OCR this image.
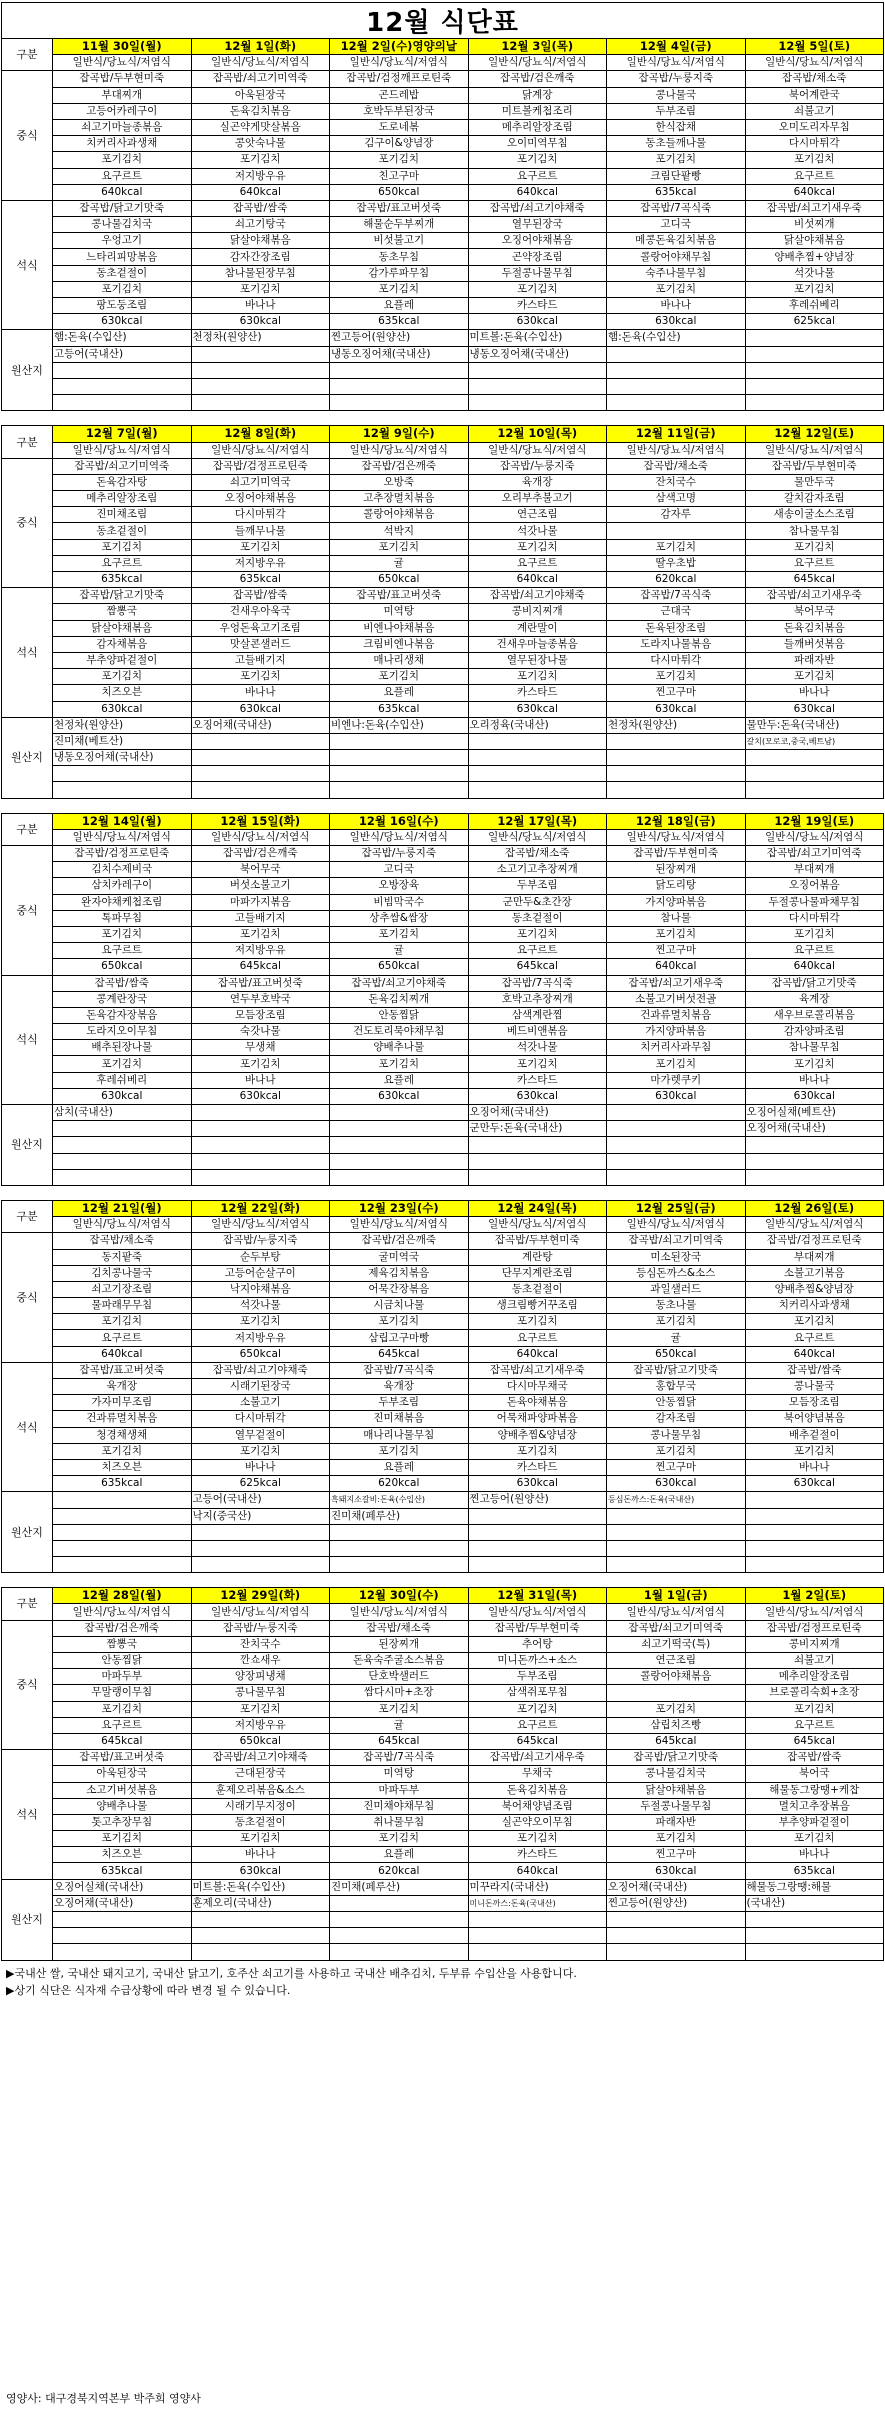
12월 식단표
구분	11월 30일(월)	12월 1일(화)	12월 2일(수)영양의날	12월 3일(목)	12월 4일(금)	12월 5일(토)
	일반식/당뇨식/저염식	일반식/당뇨식/저염식	일반식/당뇨식/저염식	일반식/당뇨식/저염식	일반식/당뇨식/저염식	일반식/당뇨식/저염식
중식	잡곡밥/두부현미죽	잡곡밥/쇠고기미역죽	잡곡밥/검정깨프로틴죽	잡곡밥/검은깨죽	잡곡밥/누룽지죽	잡곡밥/채소죽
	부대찌개	아욱된장국	곤드레밥	닭계장	콩나물국	북어계란국
	고등어카레구이	돈육김치볶음	호박두부된장국	미트볼케첩조리	두부조림	쇠불고기
	쇠고기마늘종볶음	실곤약게맛살볶음	도로네볶	메추리알장조림	한식잡채	오미도리자무침
	치커리사과생채	콩앗숙나물	김구이&양념장	오이미역무침	동초들깨나물	다시마튀각
	포기김치	포기김치	포기김치	포기김치	포기김치	포기김치
	요구르트	저지방우유	친고구마	요구르트	크림단팥빵	요구르트
	640kcal	640kcal	650kcal	640kcal	635kcal	640kcal
석식	잡곡밥/닭고기맛죽	잡곡밥/쌈죽	잡곡밥/표고버섯죽	잡곡밥/쇠고기야채죽	잡곡밥/7곡식죽	잡곡밥/쇠고기새우죽
	콩나물김치국	쇠고기탕국	해물순두부찌개	열무된장국	고디국	비섯찌개
	우엉고기	닭살야채볶음	비섯불고기	오징어야채볶음	메콩돈육김치볶음	닭살야채볶음
	느타리피망볶음	감자간장조림	동초무침	곤약장조림	콜랑어야채무침	양배추찜+양념장
	동초겉절이	참나물된장무침	감가루파무침	두절콩나물무침	숙주나물무침	석갓나물
	포기김치	포기김치	포기김치	포기김치	포기김치	포기김치
	팡도둥조림	바나나	요플레	카스타드	바나나	후레쉬베리
	630kcal	630kcal	635kcal	630kcal	630kcal	625kcal
원산지	햄:돈육(수입산)	천정차(원양산)	찐고등어(원양산)	미트볼:돈육(수입산)	햄:돈육(수입산)	
	고등어(국내산)		냉동오징어채(국내산)	냉동오징어채(국내산)		

구분	12월 7일(월)	12월 8일(화)	12월 9일(수)	12월 10일(목)	12월 11일(금)	12월 12일(토)
	일반식/당뇨식/저염식	일반식/당뇨식/저염식	일반식/당뇨식/저염식	일반식/당뇨식/저염식	일반식/당뇨식/저염식	일반식/당뇨식/저염식
중식	잡곡밥/쇠고기미역죽	잡곡밥/검정프로틴죽	잡곡밥/검은깨죽	잡곡밥/누룽지죽	잡곡밥/채소죽	잡곡밥/두부현미죽
	돈육감자탕	쇠고기미역국	오방죽	육개장	잔치국수	물만두국
	메추리알장조림	오징어야채볶음	고추장멸치볶음	오리부추불고기	삼색고명	갈치감자조림
	진미채조림	다시마튀각	콜랑어야채볶음	연근조림	감자루	새송이굴소스조림
	동초겉절이	들깨무나물	석박지	석갓나물		참나물무침
	포기김치	포기김치	포기김치	포기김치	포기김치	포기김치
	요구르트	저지방우유	귤	요구르트	딸우초밥	요구르트
	635kcal	635kcal	650kcal	640kcal	620kcal	645kcal
석식	잡곡밥/닭고기맛죽	잡곡밥/쌈죽	잡곡밥/표고버섯죽	잡곡밥/쇠고기야채죽	잡곡밥/7곡식죽	잡곡밥/쇠고기새우죽
	짬뽕국	건새우아욱국	미역탕	콩비지찌개	근대국	북어무국
	닭살야채볶음	우엉돈육고기조림	비엔나야채볶음	계란말이	돈육된장조림	돈육김치볶음
	감자채볶음	맛살콘샐러드	크림비엔나볶음	건새우마늘종볶음	도라지나물볶음	들깨버섯볶음
	부추양파겉절이	고들배기지	매나리생채	열무된장나물	다시마튀각	파래자반
	포기김치	포기김치	포기김치	포기김치	포기김치	포기김치
	치즈오븐	바나나	요플레	카스타드	찐고구마	바나나
	630kcal	630kcal	635kcal	630kcal	630kcal	630kcal
원산지	천정차(원양산)	오징어채(국내산)	비엔나:돈육(수입산)	오리정육(국내산)	천정차(원양산)	물만두:돈육(국내산)
	진미채(베트산)					갈치(모로코,중국,베트남)
	냉동오징어채(국내산)					

구분	12월 14일(월)	12월 15일(화)	12월 16일(수)	12월 17일(목)	12월 18일(금)	12월 19일(토)
	일반식/당뇨식/저염식	일반식/당뇨식/저염식	일반식/당뇨식/저염식	일반식/당뇨식/저염식	일반식/당뇨식/저염식	일반식/당뇨식/저염식
중식	잡곡밥/검정프로틴죽	잡곡밥/검은깨죽	잡곡밥/누룽지죽	잡곡밥/채소죽	잡곡밥/두부현미죽	잡곡밥/쇠고기미역죽
	김치수제비국	북어무국	고디국	소고기고추장찌개	된장찌개	부대찌개
	삼치카레구이	버섯소불고기	오방장육	두부조림	닭도리탕	오징어볶음
	완자야채케첩조림	마파가지볶음	비빔막국수	군만두&초간장	가지양파볶음	두절콩나물파채무침
	톡파무침	고들배기지	상추쌈&쌈장	동초겉절이	참나물	다시마튀각
	포기김치	포기김치	포기김치	포기김치	포기김치	포기김치
	요구르트	저지방우유	귤	요구르트	찐고구마	요구르트
	650kcal	645kcal	650kcal	645kcal	640kcal	640kcal
석식	잡곡밥/쌈죽	잡곡밥/표고버섯죽	잡곡밥/쇠고기야채죽	잡곡밥/7곡식죽	잡곡밥/쇠고기새우죽	잡곡밥/닭고기맛죽
	콩계란장국	연두부호박국	돈육김치찌개	호박고추장찌개	소불고기버섯전골	육계장
	돈육감자장볶음	모듬장조림	안동찜닭	삼색계란찜	건과류멸치볶음	새우브로콜리볶음
	도라지오이무침	숙갓나물	건도토리묵야채무침	베드비앤볶음	가지양파볶음	감자양파조림
	배추된장나물	무생채	양배추나물	석갓나물	치커리사과무침	참나물무침
	포기김치	포기김치	포기김치	포기김치	포기김치	포기김치
	후레쉬베리	바나나	요플레	카스타드	마가렛쿠키	바나나
	630kcal	630kcal	630kcal	630kcal	630kcal	630kcal
원산지	삼치(국내산)			오징어채(국내산)		오징어실채(베트산)
				군만두:돈육(국내산)		오징어채(국내산)

구분	12월 21일(월)	12월 22일(화)	12월 23일(수)	12월 24일(목)	12월 25일(금)	12월 26일(토)
	일반식/당뇨식/저염식	일반식/당뇨식/저염식	일반식/당뇨식/저염식	일반식/당뇨식/저염식	일반식/당뇨식/저염식	일반식/당뇨식/저염식
중식	잡곡밥/채소죽	잡곡밥/누룽지죽	잡곡밥/검은깨죽	잡곡밥/두부현미죽	잡곡밥/쇠고기미역죽	잡곡밥/검정프로틴죽
	동지팥죽	순두부탕	굴미역국	계란탕	미소된장국	부대찌개
	김치콩나물국	고등어순살구이	제육김치볶음	단무지계란조림	등심돈까스&소스	소불고기볶음
	쇠고기장조림	낙지야채볶음	어묵간장볶음	동초겉절이	과일샐러드	양배추찜&양념장
	물파래무무침	석갓나물	시금치나물	생크림빵거꾸조림	동초나물	치커리사과생채
	포기김치	포기김치	포기김치	포기김치	포기김치	포기김치
	요구르트	저지방우유	삼립고구마빵	요구르트	귤	요구르트
	640kcal	650kcal	645kcal	640kcal	650kcal	640kcal
석식	잡곡밥/표고버섯죽	잡곡밥/쇠고기야채죽	잡곡밥/7곡식죽	잡곡밥/쇠고기새우죽	잡곡밥/닭고기맛죽	잡곡밥/쌈죽
	육개장	시래기된장국	육개장	다시마무채국	홍합무국	콩나물국
	가자미무조림	소불고기	두부조림	돈육야채볶음	안동찜닭	모듬장조림
	건과류멸치볶음	다시마튀각	진미채볶음	어묵채파양파볶음	감자조림	북어양념볶음
	청경채생채	열무겉절이	매나리나물무침	양배추찜&양념장	콩나물무침	배추겉절이
	포기김치	포기김치	포기김치	포기김치	포기김치	포기김치
	치즈오븐	바나나	요플레	카스타드	찐고구마	바나나
	635kcal	625kcal	620kcal	630kcal	630kcal	630kcal
원산지		고등어(국내산)	흑돼지소갈비:돈육(수입산)	찐고등어(원양산)	등심돈까스:돈육(국내산)	
		낙지(중국산)	진미채(페루산)			

구분	12월 28일(월)	12월 29일(화)	12월 30일(수)	12월 31일(목)	1월 1일(금)	1월 2일(토)
	일반식/당뇨식/저염식	일반식/당뇨식/저염식	일반식/당뇨식/저염식	일반식/당뇨식/저염식	일반식/당뇨식/저염식	일반식/당뇨식/저염식
중식	잡곡밥/검은깨죽	잡곡밥/누룽지죽	잡곡밥/채소죽	잡곡밥/두부현미죽	잡곡밥/쇠고기미역죽	잡곡밥/검정프로틴죽
	짬뽕국	잔치국수	된장찌개	추어탕	쇠고기떡국(특)	콩비지찌개
	안동찜닭	깐쇼새우	돈육숙주굴소스볶음	미니돈까스+소스	연근조림	쇠불고기
	마파두부	양장피냉채	단호박샐러드	두부조림	콜랑어야채볶음	메추리알장조림
	무말랭이무침	콩나물무침	쌈다시마+초장	삼색쥐포무침		브로콜리숙회+초장
	포기김치	포기김치	포기김치	포기김치	포기김치	포기김치
	요구르트	저지방우유	귤	요구르트	삼립치즈빵	요구르트
	645kcal	650kcal	645kcal	645kcal	645kcal	645kcal
석식	잡곡밥/표고버섯죽	잡곡밥/쇠고기야채죽	잡곡밥/7곡식죽	잡곡밥/쇠고기새우죽	잡곡밥/닭고기맛죽	잡곡밥/쌈죽
	아욱된장국	근대된장국	미역탕	무채국	콩나물김치국	북어국
	소고기버섯볶음	훈제오리볶음&소스	마파두부	돈육김치볶음	닭살야채볶음	해물동그랑땡+케찹
	양배추나물	시래기무지정이	진미채야채무침	북어채양념조림	두절콩나물무침	멸치고추장볶음
	톳고추장무침	동초겉절이	취나물무침	실곤약오이무침	파래자반	부추양파겉절이
	포기김치	포기김치	포기김치	포기김치	포기김치	포기김치
	치즈오븐	바나나	요플레	카스타드	찐고구마	바나나
	635kcal	630kcal	620kcal	640kcal	630kcal	635kcal
원산지	오징어실채(국내산)	미트볼:돈육(수입산)	진미채(페루산)	미꾸라지(국내산)	오징어채(국내산)	해물동그랑땡:해물
	오징어채(국내산)	훈제오리(국내산)		미니돈까스:돈육(국내산)	찐고등어(원양산)	(국내산)

▶국내산 쌀, 국내산 돼지고기, 국내산 닭고기, 호주산 쇠고기를 사용하고 국내산 배추김치, 두부류 수입산을 사용합니다.
▶상기 식단은 식자재 수급상황에 따라 변경 될 수 있습니다.
영양사: 대구경북지역본부 박주희 영양사
